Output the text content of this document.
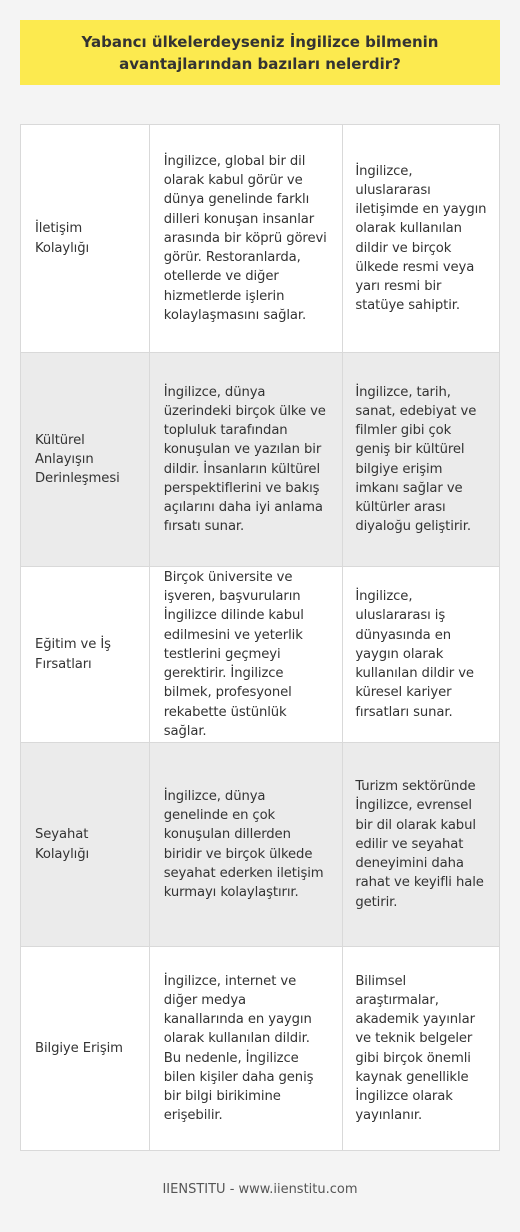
Yabancı ülkelerdeyseniz İngilizce bilmenin avantajlarından bazıları nelerdir?
İletişim Kolaylığı
İngilizce, global bir dil olarak kabul görür ve dünya genelinde farklı dilleri konuşan insanlar arasında bir köprü görevi görür. Restoranlarda, otellerde ve diğer hizmetlerde işlerin kolaylaşmasını sağlar.
İngilizce, uluslararası iletişimde en yaygın olarak kullanılan dildir ve birçok ülkede resmi veya yarı resmi bir statüye sahiptir.
Kültürel Anlayışın Derinleşmesi
İngilizce, dünya üzerindeki birçok ülke ve topluluk tarafından konuşulan ve yazılan bir dildir. İnsanların kültürel perspektiflerini ve bakış açılarını daha iyi anlama fırsatı sunar.
İngilizce, tarih, sanat, edebiyat ve filmler gibi çok geniş bir kültürel bilgiye erişim imkanı sağlar ve kültürler arası diyaloğu geliştirir.
Eğitim ve İş Fırsatları
Birçok üniversite ve işveren, başvuruların İngilizce dilinde kabul edilmesini ve yeterlik testlerini geçmeyi gerektirir. İngilizce bilmek, profesyonel rekabette üstünlük sağlar.
İngilizce, uluslararası iş dünyasında en yaygın olarak kullanılan dildir ve küresel kariyer fırsatları sunar.
Seyahat Kolaylığı
İngilizce, dünya genelinde en çok konuşulan dillerden biridir ve birçok ülkede seyahat ederken iletişim kurmayı kolaylaştırır.
Turizm sektöründe İngilizce, evrensel bir dil olarak kabul edilir ve seyahat deneyimini daha rahat ve keyifli hale getirir.
Bilgiye Erişim
İngilizce, internet ve diğer medya kanallarında en yaygın olarak kullanılan dildir. Bu nedenle, İngilizce bilen kişiler daha geniş bir bilgi birikimine erişebilir.
Bilimsel araştırmalar, akademik yayınlar ve teknik belgeler gibi birçok önemli kaynak genellikle İngilizce olarak yayınlanır.
IIENSTITU - www.iienstitu.com
